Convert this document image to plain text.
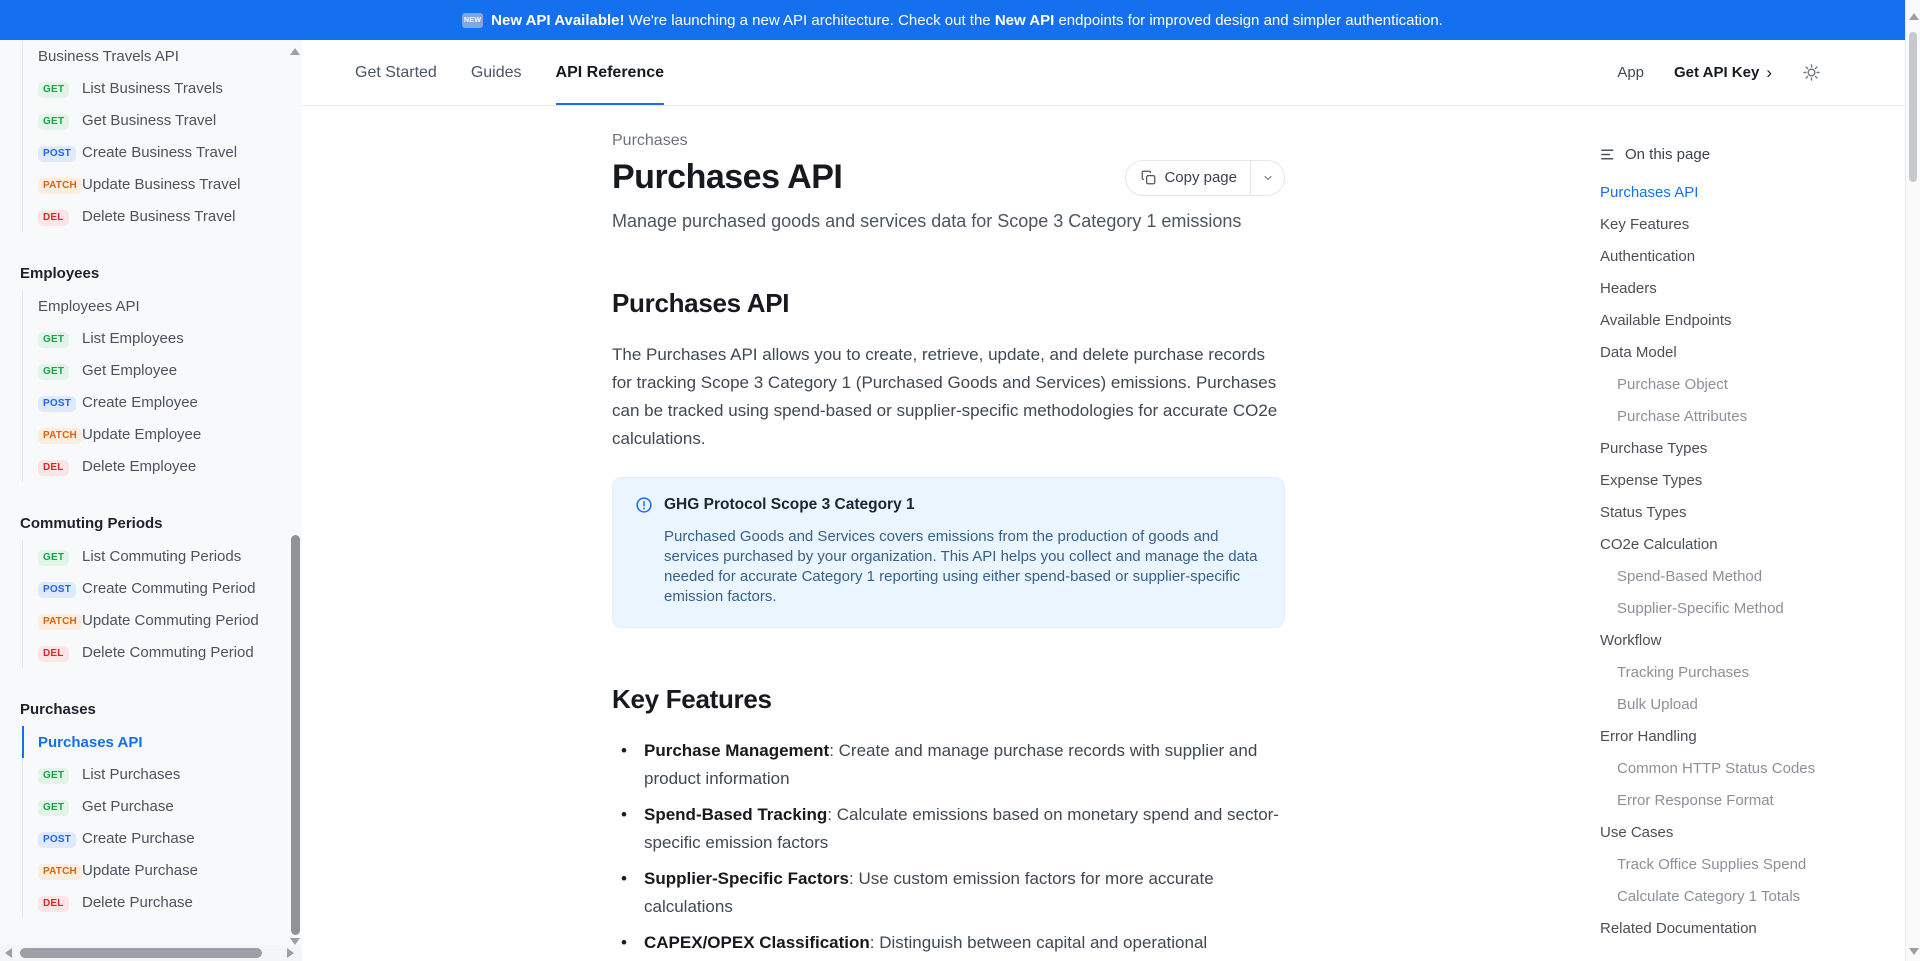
NEW New API Available! We're launching a new API architecture. Check out the New API endpoints for improved design and simpler authentication.
Business Travels API
GET	List Business Travels
GET	Get Business Travel
POST Create Business Travel
PATCH Update Business Travel
DEL	Delete Business Travel
Employees
Employees API
GET	List Employees
GET	Get Employee
POST Create Employee
PATCH Update Employee
DEL	Delete Employee
Commuting Periods
GET	List Commuting Periods
POST Create Commuting Period
PATCH Update Commuting Period
DEL	Delete Commuting Period
Purchases
Purchases API
GET	List Purchases
GET	Get Purchase
POST Create Purchase
PATCH Update Purchase
DEL	Delete Purchase
Get Started Guides API Reference	App Get API Key ›
Purchases
Purchases API	Copy page
Manage purchased goods and services data for Scope 3 Category 1 emissions
Purchases API

The Purchases API allows you to create, retrieve, update, and delete purchase records for tracking Scope 3 Category 1 (Purchased Goods and Services) emissions. Purchases can be tracked using spend-based or supplier-specific methodologies for accurate CO2e calculations.

GHG Protocol Scope 3 Category 1
Purchased Goods and Services covers emissions from the production of goods and services purchased by your organization. This API helps you collect and manage the data needed for accurate Category 1 reporting using either spend-based or supplier-specific emission factors.
Key Features
• Purchase Management: Create and manage purchase records with supplier and product information
• Spend-Based Tracking: Calculate emissions based on monetary spend and sector-specific emission factors
• Supplier-Specific Factors: Use custom emission factors for more accurate calculations
• CAPEX/OPEX Classification: Distinguish between capital and operational
On this page
Purchases API
Key Features
Authentication
Headers
Available Endpoints
Data Model
Purchase Object
Purchase Attributes
Purchase Types
Expense Types
Status Types
CO2e Calculation
Spend-Based Method
Supplier-Specific Method
Workflow
Tracking Purchases
Bulk Upload
Error Handling
Common HTTP Status Codes
Error Response Format
Use Cases
Track Office Supplies Spend
Calculate Category 1 Totals
Related Documentation
